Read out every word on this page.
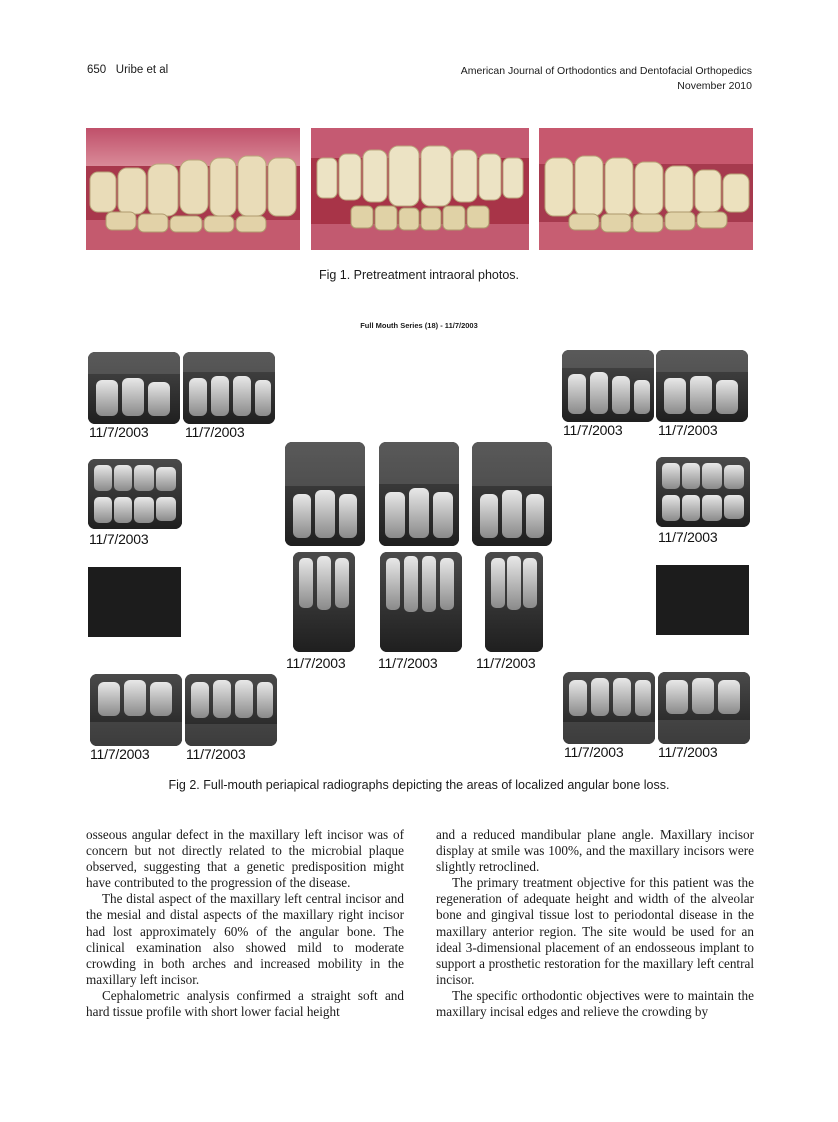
650 Uribe et al	American Journal of Orthodontics and Dentofacial Orthopedics
November 2010
Fig 1. Pretreatment intraoral photos.
Full Mouth Series (18) - 11/7/2003
11/7/2003	11/7/2003	11/7/2003	11/7/2003
11/7/2003	11/7/2003
11/7/2003 11/7/2003	11/7/2003
11/7/2003	11/7/2003	11/7/2003 11/7/2003
Fig 2. Full-mouth periapical radiographs depicting the areas of localized angular bone loss.

osseous angular defect in the maxillary left incisor was of concern but not directly related to the microbial plaque observed, suggesting that a genetic predisposition might have contributed to the progression of the disease.

The distal aspect of the maxillary left central incisor and the mesial and distal aspects of the maxillary right incisor had lost approximately 60% of the angular bone. The clinical examination also showed mild to moderate crowding in both arches and increased mobility in the maxillary left incisor.

Cephalometric analysis confirmed a straight soft and hard tissue profile with short lower facial height

and a reduced mandibular plane angle. Maxillary incisor display at smile was 100%, and the maxillary incisors were slightly retroclined.

The primary treatment objective for this patient was the regeneration of adequate height and width of the alveolar bone and gingival tissue lost to periodontal disease in the maxillary anterior region. The site would be used for an ideal 3-dimensional placement of an endosseous implant to support a prosthetic restoration for the maxillary left central incisor.

The specific orthodontic objectives were to maintain the maxillary incisal edges and relieve the crowding by
